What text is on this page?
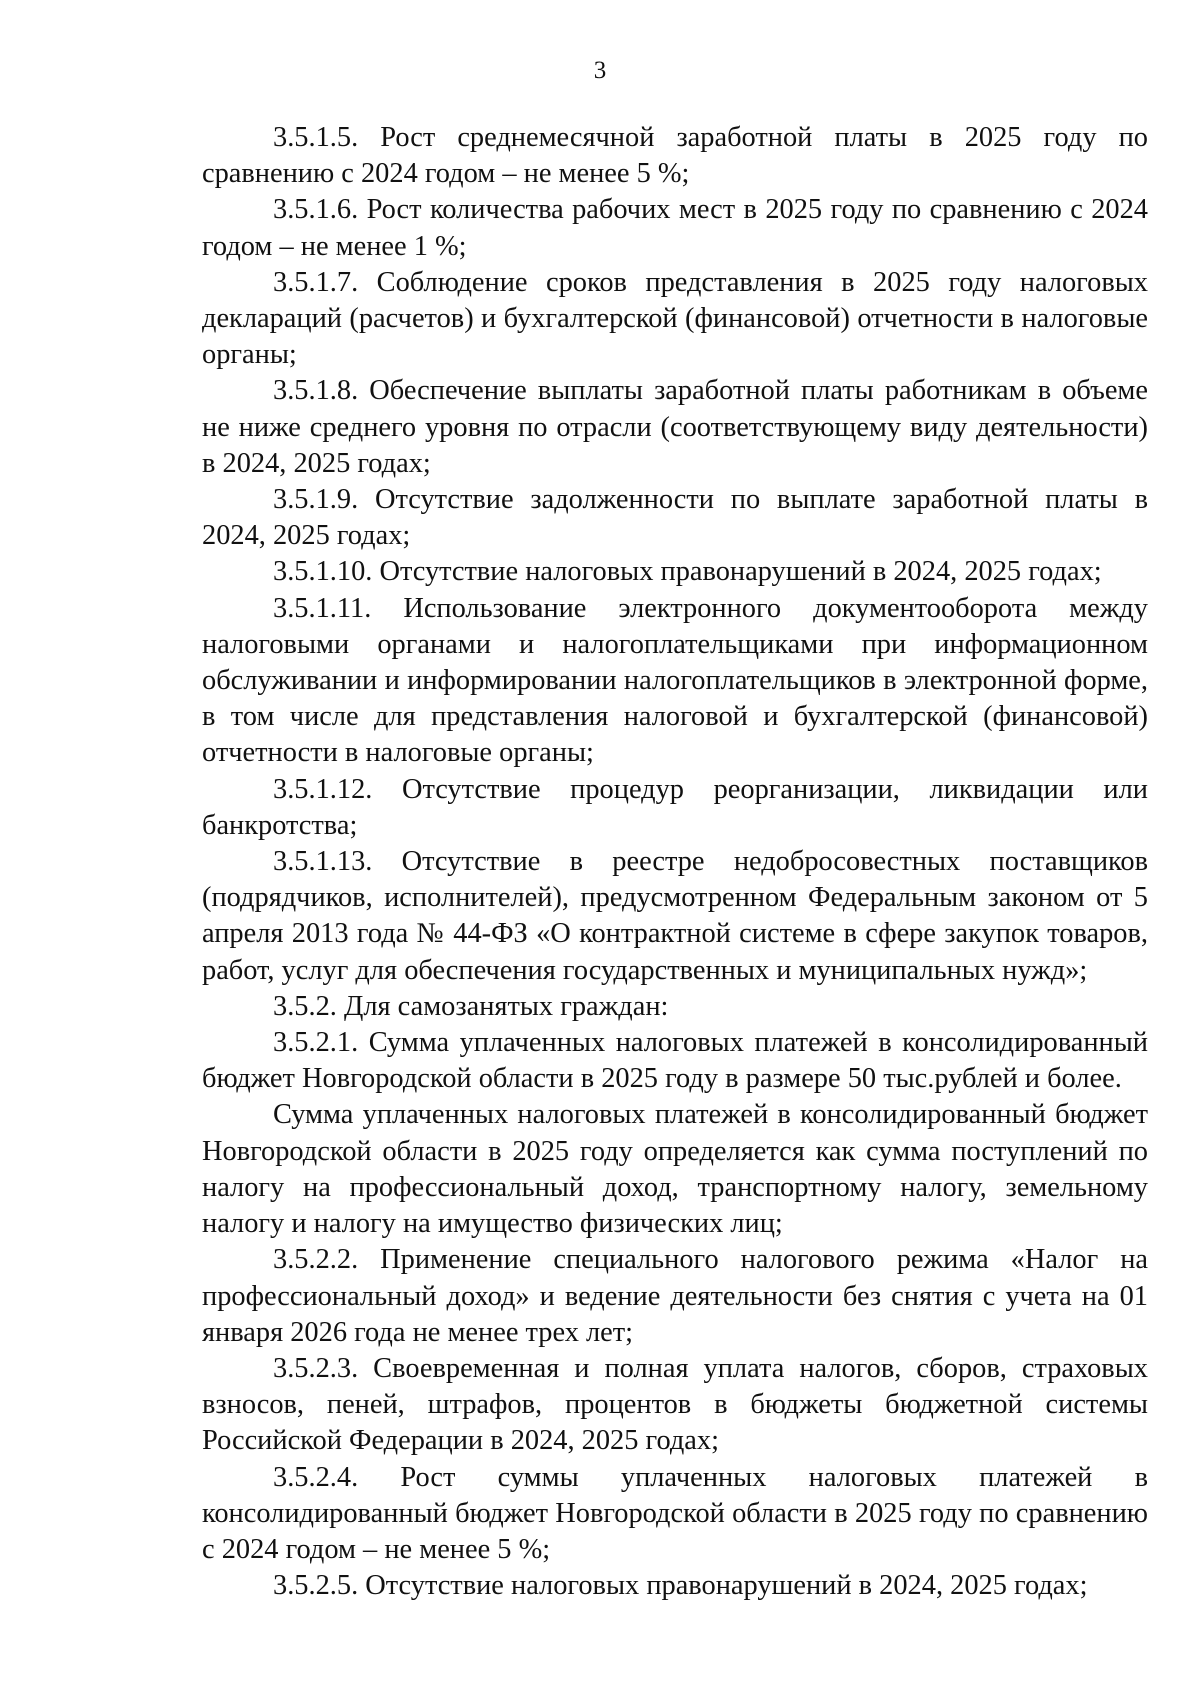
3

3.5.1.5. Рост среднемесячной заработной платы в 2025 году по сравнению с 2024 годом – не менее 5 %;

3.5.1.6. Рост количества рабочих мест в 2025 году по сравнению с 2024 годом – не менее 1 %;

3.5.1.7. Соблюдение сроков представления в 2025 году налоговых деклараций (расчетов) и бухгалтерской (финансовой) отчетности в налоговые органы;

3.5.1.8. Обеспечение выплаты заработной платы работникам в объеме не ниже среднего уровня по отрасли (соответствующему виду деятельности) в 2024, 2025 годах;

3.5.1.9. Отсутствие задолженности по выплате заработной платы в 2024, 2025 годах;

3.5.1.10. Отсутствие налоговых правонарушений в 2024, 2025 годах;

3.5.1.11. Использование электронного документооборота между налоговыми органами и налогоплательщиками при информационном обслуживании и информировании налогоплательщиков в электронной форме, в том числе для представления налоговой и бухгалтерской (финансовой) отчетности в налоговые органы;

3.5.1.12. Отсутствие процедур реорганизации, ликвидации или банкротства;

3.5.1.13. Отсутствие в реестре недобросовестных поставщиков (подрядчиков, исполнителей), предусмотренном Федеральным законом от 5 апреля 2013 года № 44-ФЗ «О контрактной системе в сфере закупок товаров, работ, услуг для обеспечения государственных и муниципальных нужд»;

3.5.2. Для самозанятых граждан:

3.5.2.1. Сумма уплаченных налоговых платежей в консолидированный бюджет Новгородской области в 2025 году в размере 50 тыс.рублей и более.

Сумма уплаченных налоговых платежей в консолидированный бюджет Новгородской области в 2025 году определяется как сумма поступлений по налогу на профессиональный доход, транспортному налогу, земельному налогу и налогу на имущество физических лиц;

3.5.2.2. Применение специального налогового режима «Налог на профессиональный доход» и ведение деятельности без снятия с учета на 01 января 2026 года не менее трех лет;

3.5.2.3. Своевременная и полная уплата налогов, сборов, страховых взносов, пеней, штрафов, процентов в бюджеты бюджетной системы Российской Федерации в 2024, 2025 годах;

3.5.2.4. Рост суммы уплаченных налоговых платежей в консолидированный бюджет Новгородской области в 2025 году по сравнению с 2024 годом – не менее 5 %;

3.5.2.5. Отсутствие налоговых правонарушений в 2024, 2025 годах;
